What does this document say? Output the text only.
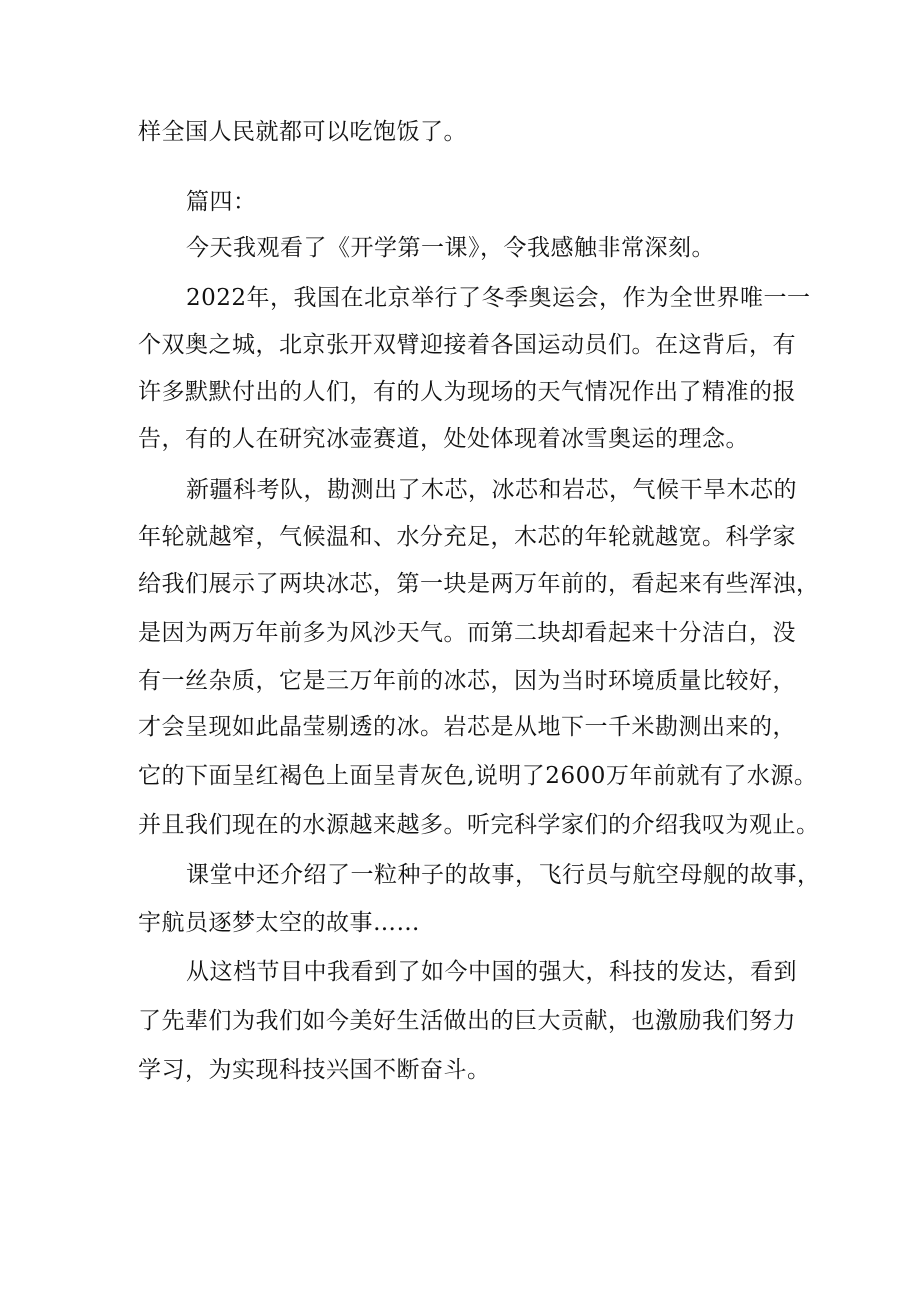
样全国人民就都可以吃饱饭了。
篇四：
今天我观看了《开学第一课》，令我感触非常深刻。
2022年，我国在北京举行了冬季奥运会，作为全世界唯一一
个双奥之城，北京张开双臂迎接着各国运动员们。在这背后，有
许多默默付出的人们，有的人为现场的天气情况作出了精准的报
告，有的人在研究冰壶赛道，处处体现着冰雪奥运的理念。
新疆科考队，勘测出了木芯，冰芯和岩芯，气候干旱木芯的
年轮就越窄，气候温和、水分充足，木芯的年轮就越宽。科学家
给我们展示了两块冰芯，第一块是两万年前的，看起来有些浑浊，
是因为两万年前多为风沙天气。而第二块却看起来十分洁白，没
有一丝杂质，它是三万年前的冰芯，因为当时环境质量比较好，
才会呈现如此晶莹剔透的冰。岩芯是从地下一千米勘测出来的，
它的下面呈红褐色上面呈青灰色,说明了2600万年前就有了水源。
并且我们现在的水源越来越多。听完科学家们的介绍我叹为观止。
课堂中还介绍了一粒种子的故事，飞行员与航空母舰的故事，
宇航员逐梦太空的故事……
从这档节目中我看到了如今中国的强大，科技的发达，看到
了先辈们为我们如今美好生活做出的巨大贡献，也激励我们努力
学习，为实现科技兴国不断奋斗。
